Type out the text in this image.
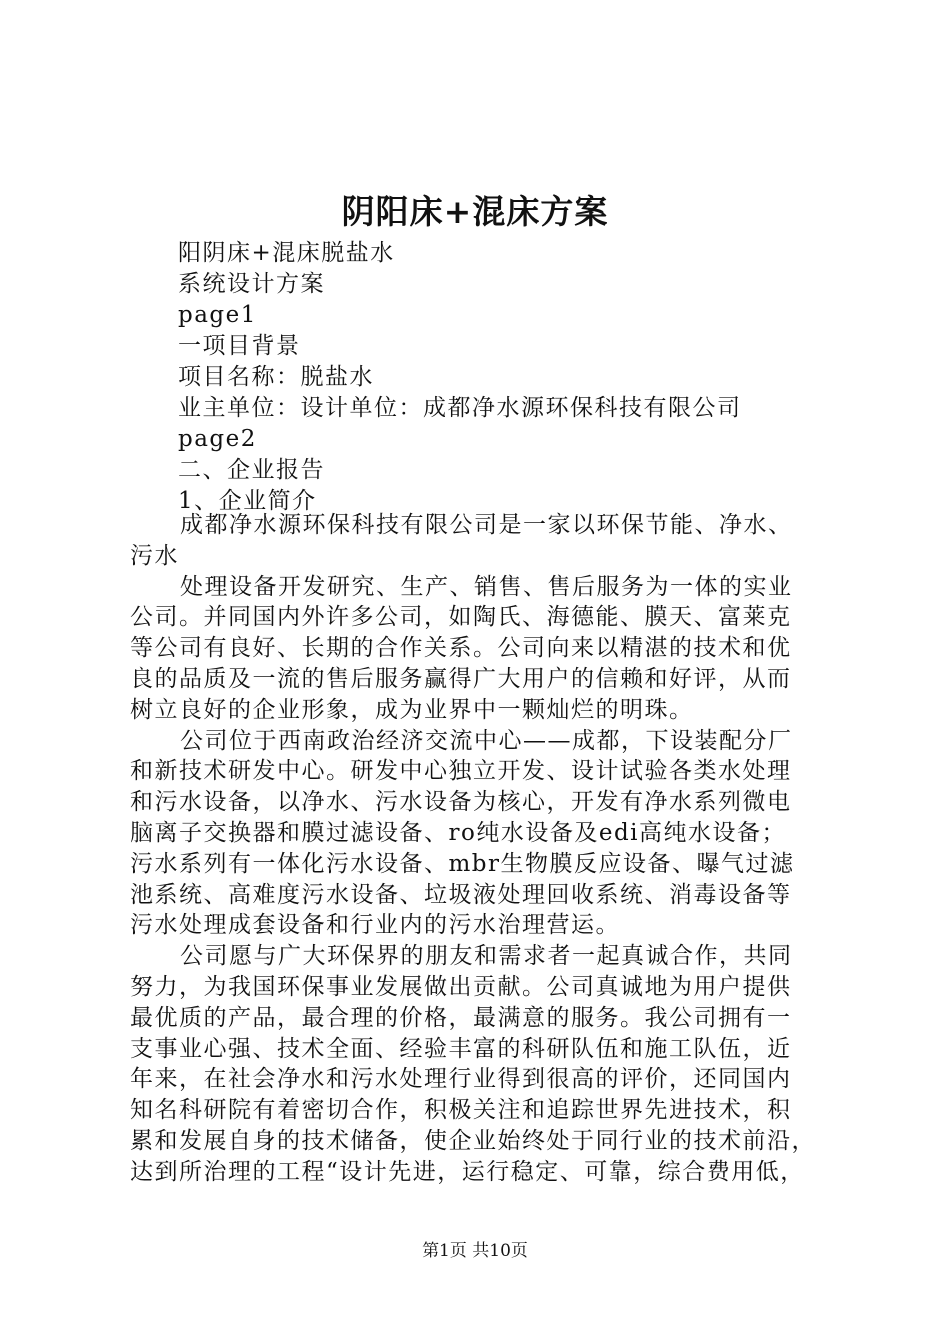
阴阳床+混床方案
阳阴床+混床脱盐水
系统设计方案
page1
一项目背景
项目名称：脱盐水
业主单位：设计单位：成都净水源环保科技有限公司
page2
二、企业报告
1、企业简介

成都净水源环保科技有限公司是一家以环保节能、净水、
污水

处理设备开发研究、生产、销售、售后服务为一体的实业
公司。并同国内外许多公司，如陶氏、海德能、膜天、富莱克
等公司有良好、长期的合作关系。公司向来以精湛的技术和优
良的品质及一流的售后服务赢得广大用户的信赖和好评，从而
树立良好的企业形象，成为业界中一颗灿烂的明珠。

公司位于西南政治经济交流中心——成都，下设装配分厂
和新技术研发中心。研发中心独立开发、设计试验各类水处理
和污水设备，以净水、污水设备为核心，开发有净水系列微电
脑离子交换器和膜过滤设备、ro纯水设备及edi高纯水设备；
污水系列有一体化污水设备、mbr生物膜反应设备、曝气过滤
池系统、高难度污水设备、垃圾液处理回收系统、消毒设备等
污水处理成套设备和行业内的污水治理营运。

公司愿与广大环保界的朋友和需求者一起真诚合作，共同
努力，为我国环保事业发展做出贡献。公司真诚地为用户提供
最优质的产品，最合理的价格，最满意的服务。我公司拥有一
支事业心强、技术全面、经验丰富的科研队伍和施工队伍，近
年来，在社会净水和污水处理行业得到很高的评价，还同国内
知名科研院有着密切合作，积极关注和追踪世界先进技术，积
累和发展自身的技术储备，使企业始终处于同行业的技术前沿，
达到所治理的工程“设计先进，运行稳定、可靠，综合费用低，

第1页 共10页
